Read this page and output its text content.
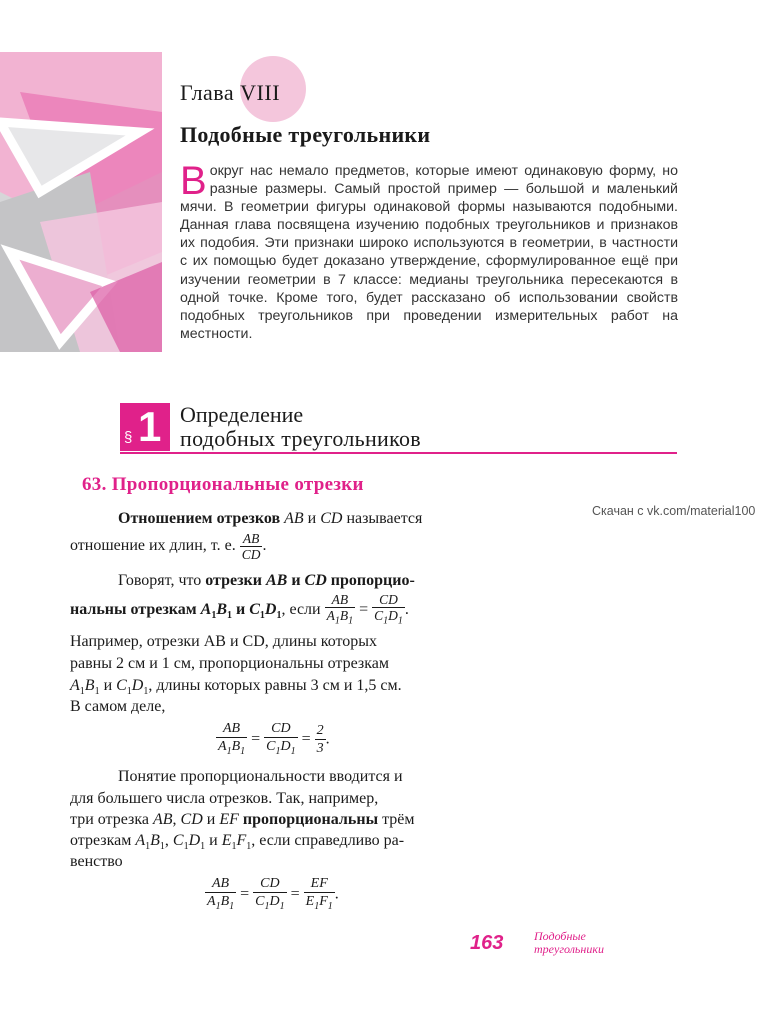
Глава VIII
Подобные треугольники
Вокруг нас немало предметов, которые имеют одинаковую форму, но разные размеры. Самый простой пример — большой и маленький мячи. В геометрии фигуры одинаковой формы называются подобными. Данная глава посвящена изучению подобных треугольников и признаков их подобия. Эти признаки широко используются в геометрии, в частности с их помощью будет доказано утверждение, сформулированное ещё при изучении геометрии в 7 классе: медианы треугольника пересекаются в одной точке. Кроме того, будет рассказано об использовании свойств подобных треугольников при проведении измерительных работ на местности.
§ 1 Определение
подобных треугольников
63. Пропорциональные отрезки
Скачан с vk.com/material100
Отношением отрезков AB и CD называется
отношение их длин, т. е. $\frac{AB}{CD}$ .
Говорят, что отрезки AB и CD пропорцио-
нальны отрезкам $A_1B_1$ и $C_1D_1$, если $\frac{AB}{A_1B_1} = \frac{CD}{C_1D_1}$ .
Например, отрезки AB и CD, длины которых
равны 2 см и 1 см, пропорциональны отрезкам
$A_1B_1$ и $C_1D_1$, длины которых равны 3 см и 1,5 см.
В самом деле,
$\frac{AB}{A_1B_1} = \frac{CD}{C_1D_1} = \frac{2}{3}$ .
Понятие пропорциональности вводится и
для большего числа отрезков. Так, например,
три отрезка AB, CD и EF пропорциональны трём
отрезкам $A_1B_1$, $C_1D_1$ и $E_1F_1$, если справедливо ра-
венство
$\frac{AB}{A_1B_1} = \frac{CD}{C_1D_1} = \frac{EF}{E_1F_1}$ .
163	Подобные
треугольники
